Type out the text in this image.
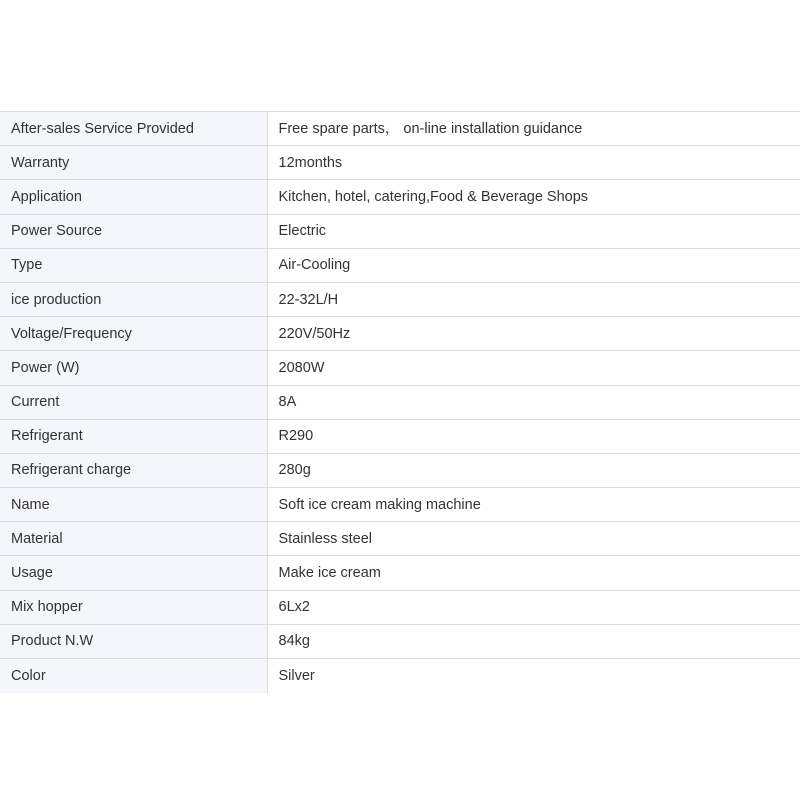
After-sales Service Provided	Free spare parts， on-line installation guidance
Warranty	12months
Application	Kitchen, hotel, catering,Food & Beverage Shops
Power Source	Electric
Type	Air-Cooling
ice production	22-32L/H
Voltage/Frequency	220V/50Hz
Power (W)	2080W
Current	8A
Refrigerant	R290
Refrigerant charge	280g
Name	Soft ice cream making machine
Material	Stainless steel
Usage	Make ice cream
Mix hopper	6Lx2
Product N.W	84kg
Color	Silver
